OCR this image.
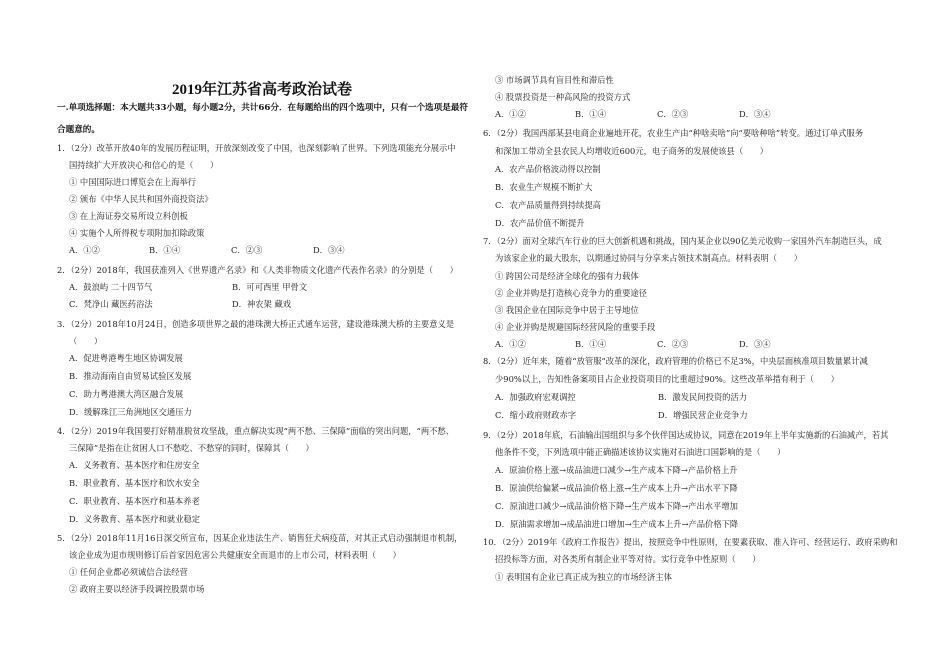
2019年江苏省高考政治试卷
一.单项选择题：本大题共33小题，每小题2分，共计66分．在每题给出的四个选项中，只有一个选项是最符
合题意的。
1．（2分）改革开放40年的发展历程证明，开放深刻改变了中国，也深刻影响了世界。下列选项能充分展示中
国持续扩大开放决心和信心的是（　　）
① 中国国际进口博览会在上海举行
② 颁布《中华人民共和国外商投资法》
③ 在上海证券交易所设立科创板
④ 实施个人所得税专项附加扣除政策
A．①②	B．①④	C．②③	D．③④
2．（2分）2018年，我国获准列入《世界遗产名录》和《人类非物质文化遗产代表作名录》的分别是（　　）
A．鼓浪屿 二十四节气	B．可可西里 甲骨文
C．梵净山 藏医药浴法	D．神农架 藏戏
3．（2分）2018年10月24日，创造多项世界之最的港珠澳大桥正式通车运营，建设港珠澳大桥的主要意义是
（　　）
A．促进粤港粤生地区协调发展
B．推动海南自由贸易试验区发展
C．助力粤港澳大湾区融合发展
D．缓解珠江三角洲地区交通压力
4．（2分）2019年我国要打好精准脱贫攻坚战，重点解决实现“两不愁、三保障”面临的突出问题，“两不愁、
三保障”是指在让贫困人口不愁吃、不愁穿的同时，保障其（　　）
A．义务教育、基本医疗和住房安全
B．职业教育、基本医疗和饮水安全
C．职业教育、基本医疗和基本养老
D．义务教育、基本医疗和就业稳定
5．（2分）2018年11月16日深交所宣布，因某企业违法生产、销售狂犬病疫苗，对其正式启动强制退市机制，
该企业成为退市规则修订后首家因危害公共健康安全而退市的上市公司，材料表明（　　）
① 任何企业都必须诚信合法经营
② 政府主要以经济手段调控股票市场
③ 市场调节具有盲目性和滞后性
④ 股票投资是一种高风险的投资方式
A．①②	B．①④	C．②③	D．③④
6．（2分）我国西部某县电商企业遍地开花，农业生产由“种啥卖啥”向“要啥种啥”转变。通过订单式服务
和深加工带动全县农民人均增收近600元，电子商务的发展使该县（　　）
A．农产品价格波动得以控制
B．农业生产规模不断扩大
C．农产品质量得到持续提高
D．农产品价值不断提升
7．（2分）面对全球汽车行业的巨大创新机遇和挑战，国内某企业以90亿美元收购一家国外汽车制造巨头，成
为该家企业的最大股东，以期通过协同与分享来占领技术制高点。材料表明（　　）
① 跨国公司是经济全球化的强有力载体
② 企业并购是打造核心竞争力的重要途径
③ 我国企业在国际竞争中居于主导地位
④ 企业并购是规避国际经营风险的重要手段
A．①②	B．①④	C．②③	D．③④
8．（2分）近年来，随着“放管服”改革的深化，政府管理的价格已不足3%，中央层面核准项目数量累计减
少90%以上，告知性备案项目占企业投资项目的比重超过90%。这些改革举措有利于（　　）
A．加强政府宏观调控	B．激发民间投资的活力
C．缩小政府财政赤字	D．增强民营企业竞争力
9．（2分）2018年底，石油输出国组织与多个伙伴国达成协议，同意在2019年上半年实施新的石油减产，若其
他条件不变，下列选项中能正确描述该协议实施对石油进口国影响的是（　　）
A．原油价格上涨→成品油进口减少→生产成本下降→产品价格上升
B．原油供给偏紧→成品油价格上涨→生产成本上升→产出水平下降
C．原油进口减少→成品油价格下降→生产成本下降→产出水平增加
D．原油需求增加→成品油进口增加→生产成本上升→产品价格下降
10．（2分）2019年《政府工作报告》提出，按照竞争中性原则，在要素获取、准入许可、经营运行、政府采购和
招投标等方面，对各类所有制企业平等对待。实行竞争中性原则（　　）
① 表明国有企业已真正成为独立的市场经济主体
